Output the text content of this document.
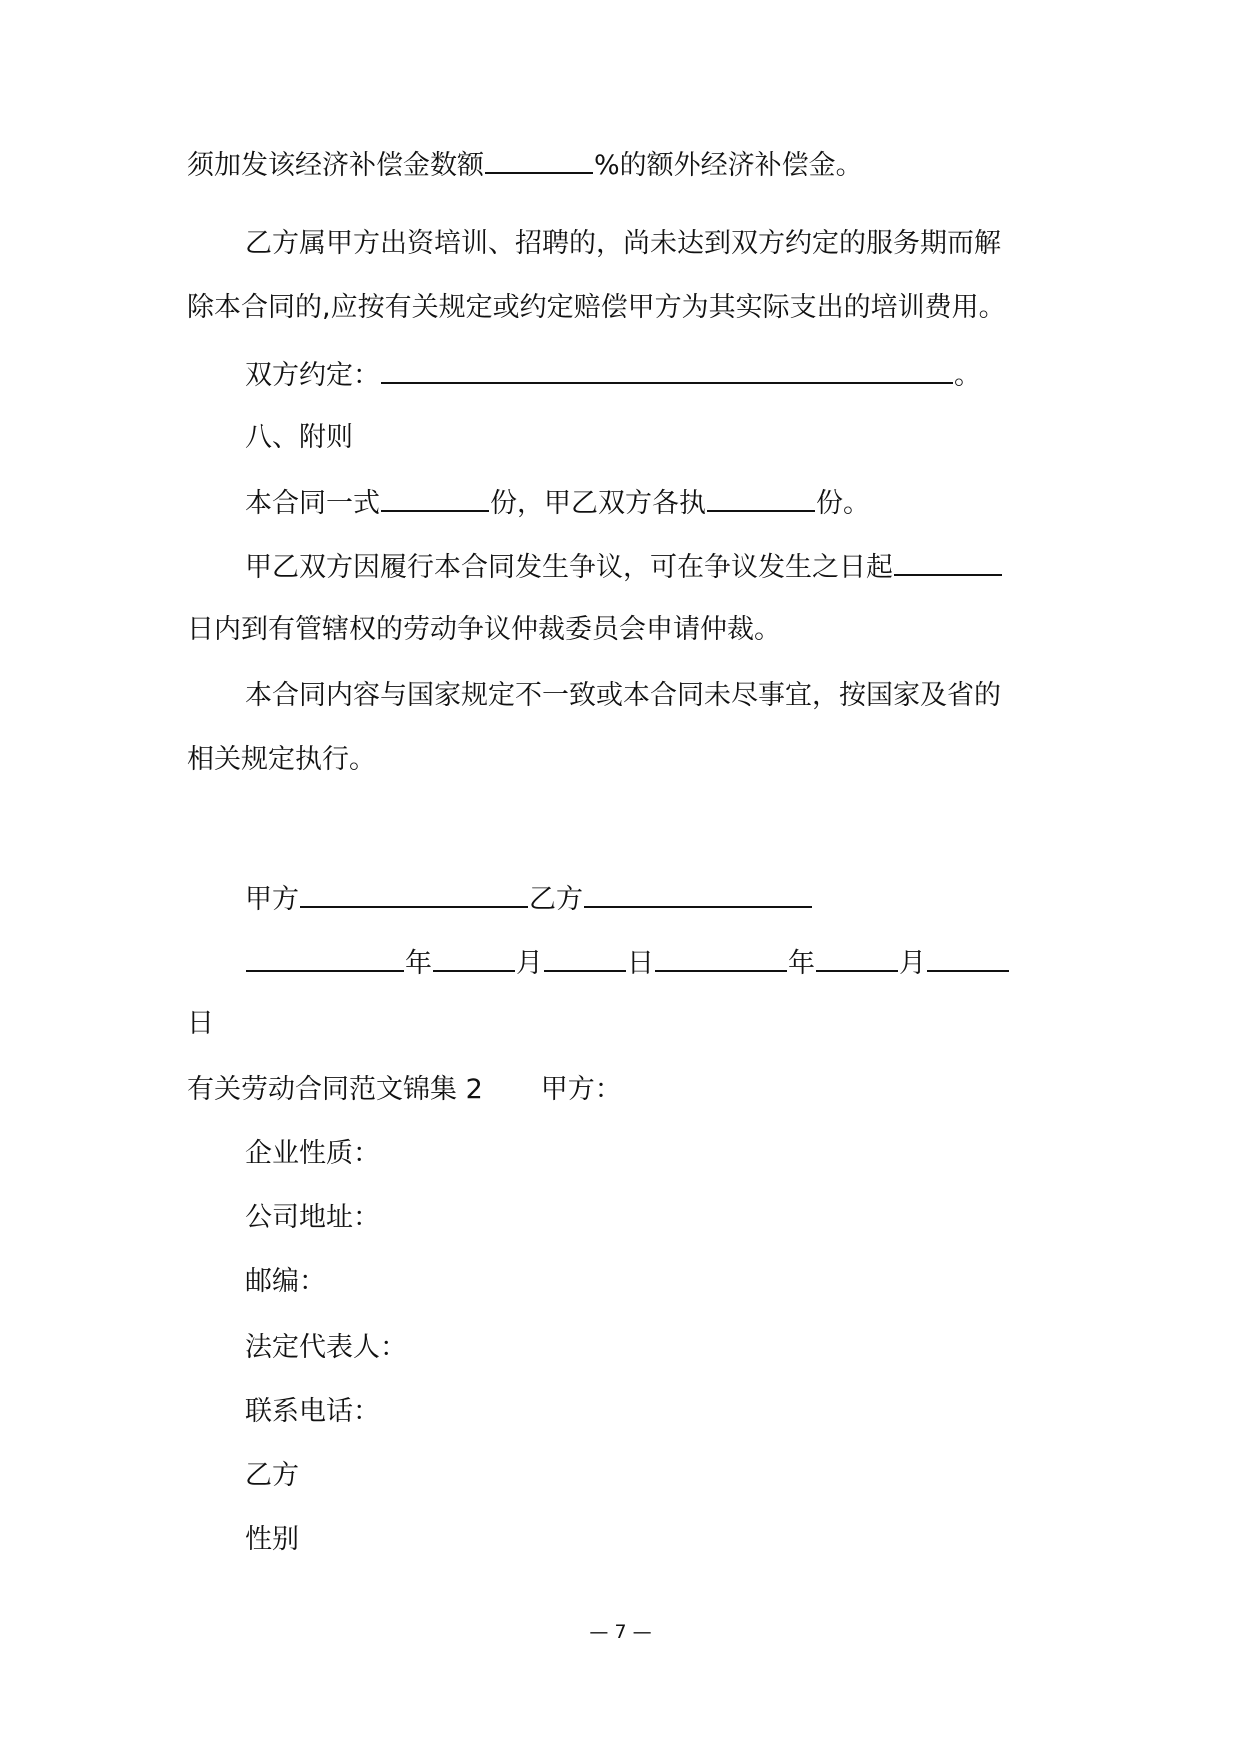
须加发该经济补偿金数额	%的额外经济补偿金。
乙方属甲方出资培训、招聘的，尚未达到双方约定的服务期而解
除本合同的,应按有关规定或约定赔偿甲方为其实际支出的培训费用。
双方约定：	。
八、附则
本合同一式	份，甲乙双方各执	份。
甲乙双方因履行本合同发生争议，可在争议发生之日起
日内到有管辖权的劳动争议仲裁委员会申请仲裁。
本合同内容与国家规定不一致或本合同未尽事宜，按国家及省的
相关规定执行。
甲方	乙方
年	月	日	年	月
日
有关劳动合同范文锦集 2 甲方：
企业性质：
公司地址：
邮编：
法定代表人：
联系电话：
乙方
性别
— 7 —
